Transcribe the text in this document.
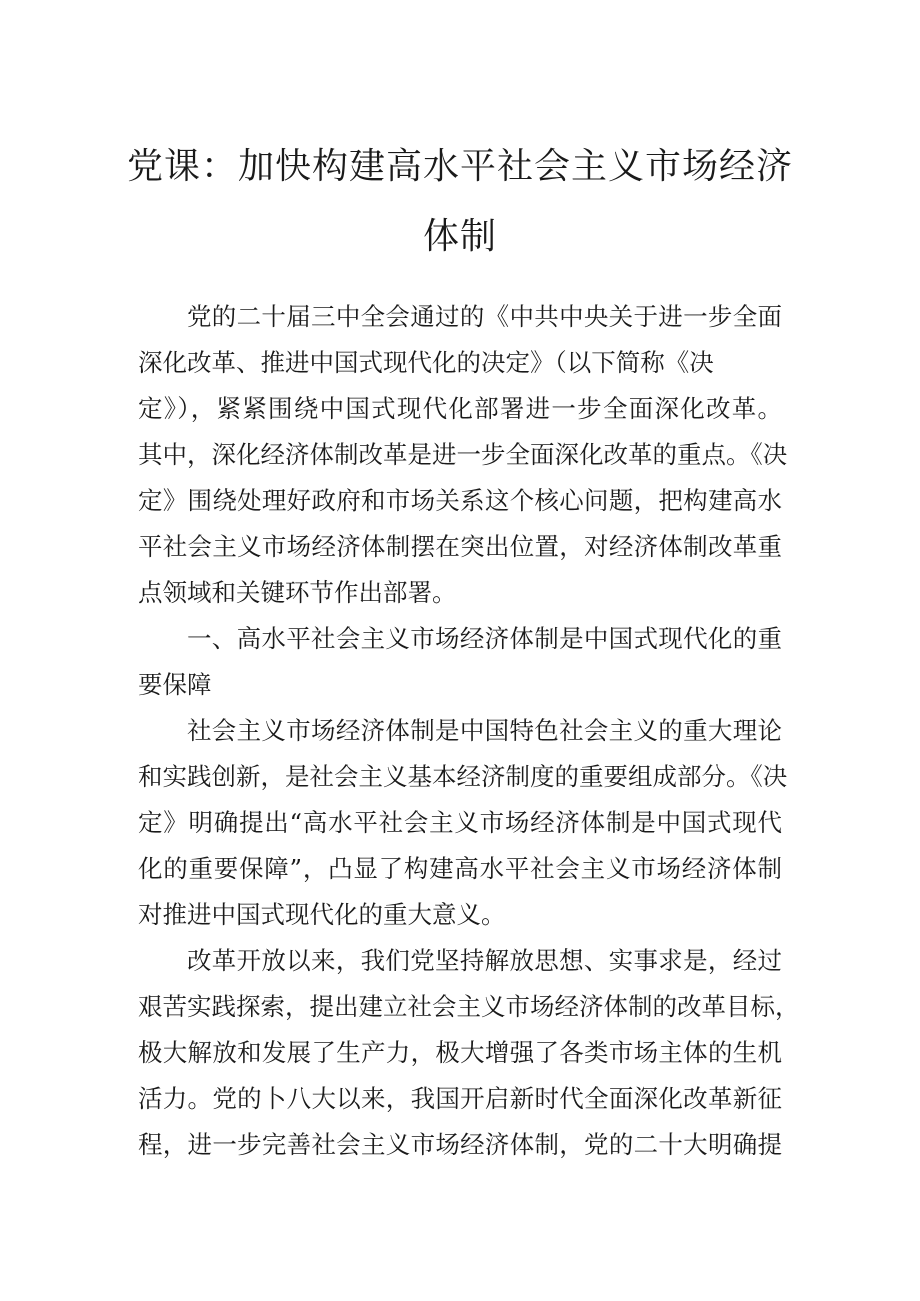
党课：加快构建高水平社会主义市场经济
体制
党的二十届三中全会通过的《中共中央关于进一步全面
深化改革、推进中国式现代化的决定》（以下简称《决
定》），紧紧围绕中国式现代化部署进一步全面深化改革。
其中，深化经济体制改革是进一步全面深化改革的重点。《决
定》围绕处理好政府和市场关系这个核心问题，把构建高水
平社会主义市场经济体制摆在突出位置，对经济体制改革重
点领域和关键环节作出部署。
一、高水平社会主义市场经济体制是中国式现代化的重
要保障
社会主义市场经济体制是中国特色社会主义的重大理论
和实践创新，是社会主义基本经济制度的重要组成部分。《决
定》明确提出“高水平社会主义市场经济体制是中国式现代
化的重要保障”，凸显了构建高水平社会主义市场经济体制
对推进中国式现代化的重大意义。
改革开放以来，我们党坚持解放思想、实事求是，经过
艰苦实践探索，提出建立社会主义市场经济体制的改革目标，
极大解放和发展了生产力，极大增强了各类市场主体的生机
活力。党的卜八大以来，我国开启新时代全面深化改革新征
程，进一步完善社会主义市场经济体制，党的二十大明确提
